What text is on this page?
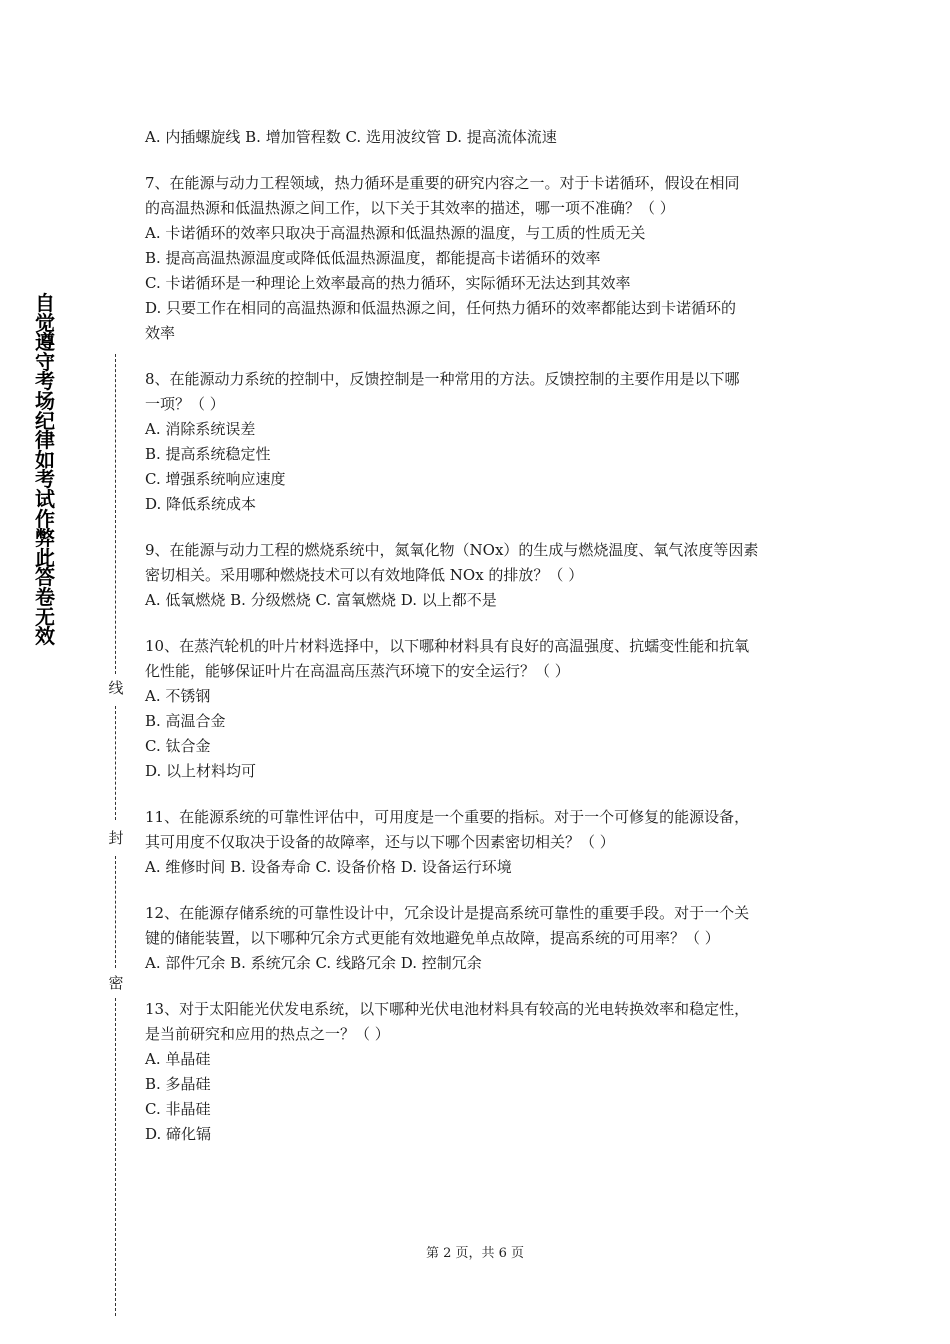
自觉遵守考场纪律如考试作弊此答卷无效
线
封
密
A. 内插螺旋线 B. 增加管程数 C. 选用波纹管 D. 提高流体流速
7、在能源与动力工程领域，热力循环是重要的研究内容之一。对于卡诺循环，假设在相同
的高温热源和低温热源之间工作，以下关于其效率的描述，哪一项不准确？（ ）
A. 卡诺循环的效率只取决于高温热源和低温热源的温度，与工质的性质无关
B. 提高高温热源温度或降低低温热源温度，都能提高卡诺循环的效率
C. 卡诺循环是一种理论上效率最高的热力循环，实际循环无法达到其效率
D. 只要工作在相同的高温热源和低温热源之间，任何热力循环的效率都能达到卡诺循环的
效率
8、在能源动力系统的控制中，反馈控制是一种常用的方法。反馈控制的主要作用是以下哪
一项？（ ）
A. 消除系统误差
B. 提高系统稳定性
C. 增强系统响应速度
D. 降低系统成本
9、在能源与动力工程的燃烧系统中，氮氧化物（NOx）的生成与燃烧温度、氧气浓度等因素
密切相关。采用哪种燃烧技术可以有效地降低 NOx 的排放？（ ）
A. 低氧燃烧 B. 分级燃烧 C. 富氧燃烧 D. 以上都不是
10、在蒸汽轮机的叶片材料选择中，以下哪种材料具有良好的高温强度、抗蠕变性能和抗氧
化性能，能够保证叶片在高温高压蒸汽环境下的安全运行？（ ）
A. 不锈钢
B. 高温合金
C. 钛合金
D. 以上材料均可
11、在能源系统的可靠性评估中，可用度是一个重要的指标。对于一个可修复的能源设备，
其可用度不仅取决于设备的故障率，还与以下哪个因素密切相关？（ ）
A. 维修时间 B. 设备寿命 C. 设备价格 D. 设备运行环境
12、在能源存储系统的可靠性设计中，冗余设计是提高系统可靠性的重要手段。对于一个关
键的储能装置，以下哪种冗余方式更能有效地避免单点故障，提高系统的可用率？（ ）
A. 部件冗余 B. 系统冗余 C. 线路冗余 D. 控制冗余
13、对于太阳能光伏发电系统，以下哪种光伏电池材料具有较高的光电转换效率和稳定性，
是当前研究和应用的热点之一？（ ）
A. 单晶硅
B. 多晶硅
C. 非晶硅
D. 碲化镉
第 2 页，共 6 页
